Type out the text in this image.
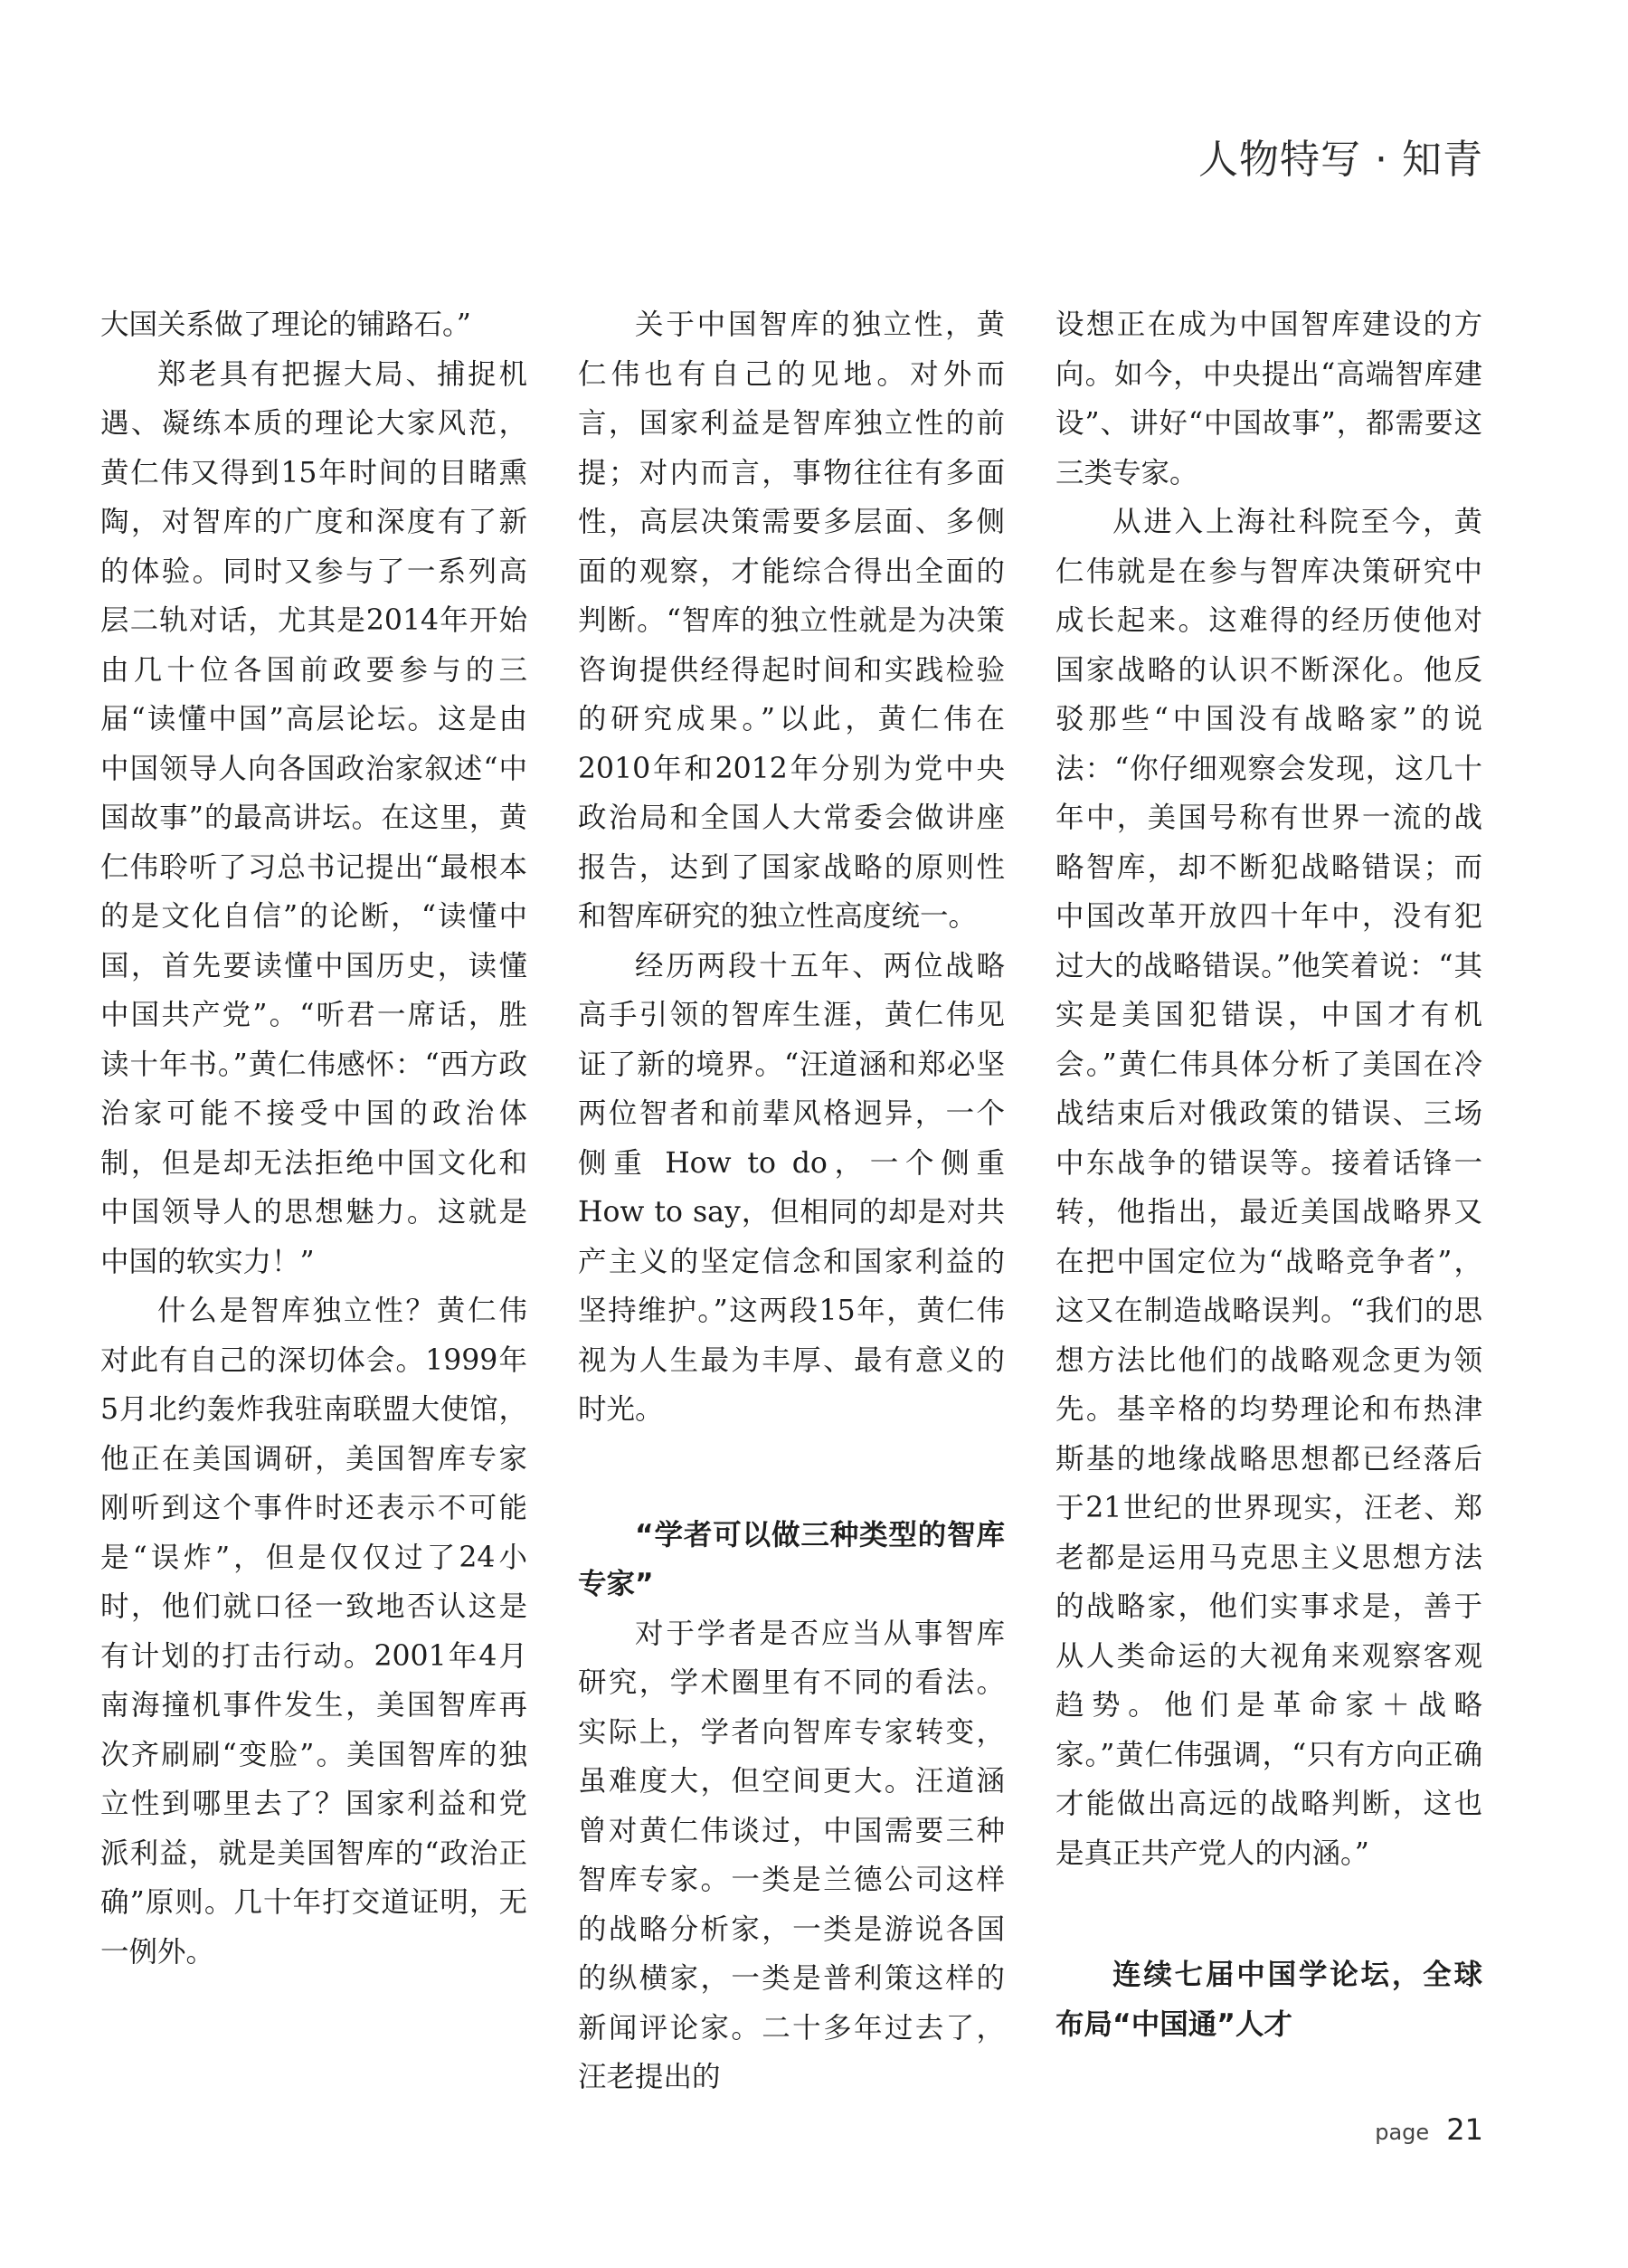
人物特写 · 知青

大国关系做了理论的铺路石。”

郑老具有把握大局、捕捉机遇、凝练本质的理论大家风范，黄仁伟又得到15年时间的目睹熏陶，对智库的广度和深度有了新的体验。同时又参与了一系列高层二轨对话，尤其是2014年开始由几十位各国前政要参与的三届“读懂中国”高层论坛。这是由中国领导人向各国政治家叙述“中国故事”的最高讲坛。在这里，黄仁伟聆听了习总书记提出“最根本的是文化自信”的论断，“读懂中国，首先要读懂中国历史，读懂中国共产党”。“听君一席话，胜读十年书。”黄仁伟感怀：“西方政治家可能不接受中国的政治体制，但是却无法拒绝中国文化和中国领导人的思想魅力。这就是中国的软实力！”

什么是智库独立性？黄仁伟对此有自己的深切体会。1999年5月北约轰炸我驻南联盟大使馆，他正在美国调研，美国智库专家刚听到这个事件时还表示不可能是“误炸”，但是仅仅过了24小时，他们就口径一致地否认这是有计划的打击行动。2001年4月南海撞机事件发生，美国智库再次齐刷刷“变脸”。美国智库的独立性到哪里去了？国家利益和党派利益，就是美国智库的“政治正确”原则。几十年打交道证明，无一例外。

关于中国智库的独立性，黄仁伟也有自己的见地。对外而言，国家利益是智库独立性的前提；对内而言，事物往往有多面性，高层决策需要多层面、多侧面的观察，才能综合得出全面的判断。“智库的独立性就是为决策咨询提供经得起时间和实践检验的研究成果。”以此，黄仁伟在2010年和2012年分别为党中央政治局和全国人大常委会做讲座报告，达到了国家战略的原则性和智库研究的独立性高度统一。

经历两段十五年、两位战略高手引领的智库生涯，黄仁伟见证了新的境界。“汪道涵和郑必坚两位智者和前辈风格迥异，一个侧重 How to do，一个侧重 How to say，但相同的却是对共产主义的坚定信念和国家利益的坚持维护。”这两段15年，黄仁伟视为人生最为丰厚、最有意义的时光。

“学者可以做三种类型的智库专家”

对于学者是否应当从事智库研究，学术圈里有不同的看法。实际上，学者向智库专家转变，虽难度大，但空间更大。汪道涵曾对黄仁伟谈过，中国需要三种智库专家。一类是兰德公司这样的战略分析家，一类是游说各国的纵横家，一类是普利策这样的新闻评论家。二十多年过去了，汪老提出的

设想正在成为中国智库建设的方向。如今，中央提出“高端智库建设”、讲好“中国故事”，都需要这三类专家。

从进入上海社科院至今，黄仁伟就是在参与智库决策研究中成长起来。这难得的经历使他对国家战略的认识不断深化。他反驳那些“中国没有战略家”的说法：“你仔细观察会发现，这几十年中，美国号称有世界一流的战略智库，却不断犯战略错误；而中国改革开放四十年中，没有犯过大的战略错误。”他笑着说：“其实是美国犯错误，中国才有机会。”黄仁伟具体分析了美国在冷战结束后对俄政策的错误、三场中东战争的错误等。接着话锋一转，他指出，最近美国战略界又在把中国定位为“战略竞争者”，这又在制造战略误判。“我们的思想方法比他们的战略观念更为领先。基辛格的均势理论和布热津斯基的地缘战略思想都已经落后于21世纪的世界现实，汪老、郑老都是运用马克思主义思想方法的战略家，他们实事求是，善于从人类命运的大视角来观察客观趋势。他们是革命家＋战略家。”黄仁伟强调，“只有方向正确才能做出高远的战略判断，这也是真正共产党人的内涵。”

连续七届中国学论坛，全球布局“中国通”人才
page 21
